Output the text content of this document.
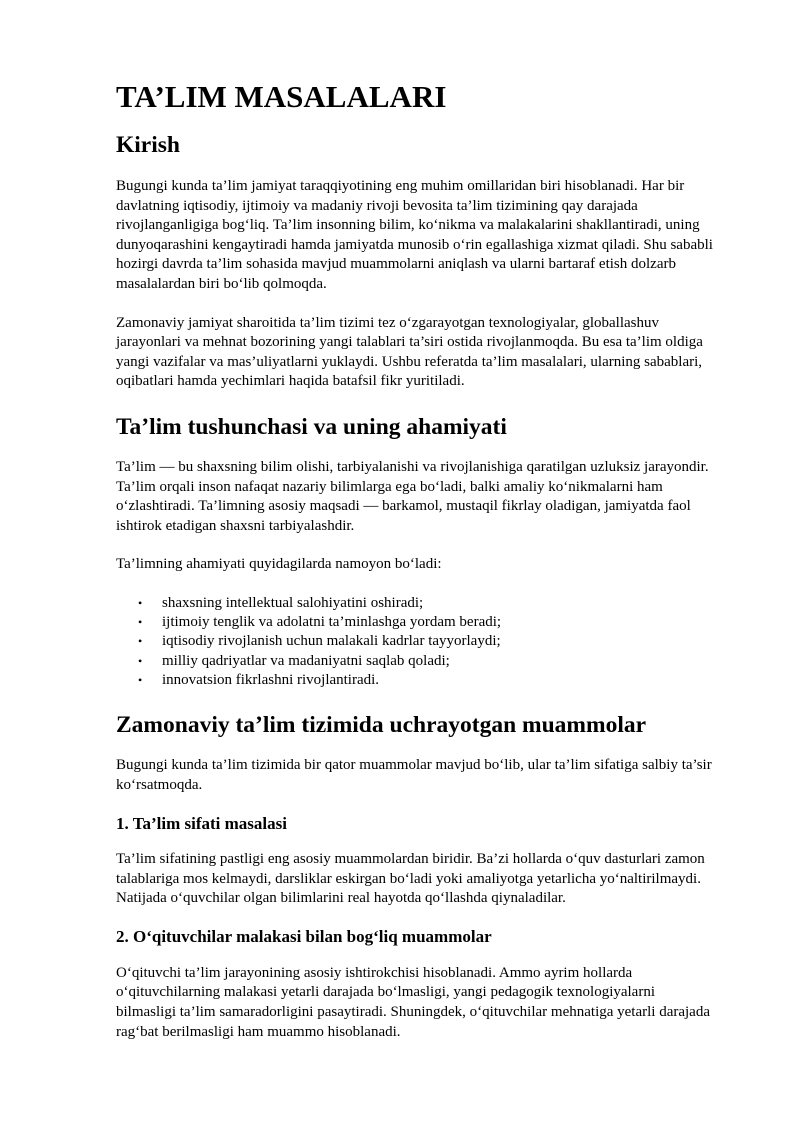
TA’LIM MASALALARI
Kirish

Bugungi kunda ta’lim jamiyat taraqqiyotining eng muhim omillaridan biri hisoblanadi. Har bir davlatning iqtisodiy, ijtimoiy va madaniy rivoji bevosita ta’lim tizimining qay darajada rivojlanganligiga bog‘liq. Ta’lim insonning bilim, ko‘nikma va malakalarini shakllantiradi, uning dunyoqarashini kengaytiradi hamda jamiyatda munosib o‘rin egallashiga xizmat qiladi. Shu sababli hozirgi davrda ta’lim sohasida mavjud muammolarni aniqlash va ularni bartaraf etish dolzarb masalalardan biri bo‘lib qolmoqda.

Zamonaviy jamiyat sharoitida ta’lim tizimi tez o‘zgarayotgan texnologiyalar, globallashuv jarayonlari va mehnat bozorining yangi talablari ta’siri ostida rivojlanmoqda. Bu esa ta’lim oldiga yangi vazifalar va mas’uliyatlarni yuklaydi. Ushbu referatda ta’lim masalalari, ularning sabablari, oqibatlari hamda yechimlari haqida batafsil fikr yuritiladi.

Ta’lim tushunchasi va uning ahamiyati

Ta’lim — bu shaxsning bilim olishi, tarbiyalanishi va rivojlanishiga qaratilgan uzluksiz jarayondir. Ta’lim orqali inson nafaqat nazariy bilimlarga ega bo‘ladi, balki amaliy ko‘nikmalarni ham o‘zlashtiradi. Ta’limning asosiy maqsadi — barkamol, mustaqil fikrlay oladigan, jamiyatda faol ishtirok etadigan shaxsni tarbiyalashdir.

Ta’limning ahamiyati quyidagilarda namoyon bo‘ladi:

• shaxsning intellektual salohiyatini oshiradi;
• ijtimoiy tenglik va adolatni ta’minlashga yordam beradi;
• iqtisodiy rivojlanish uchun malakali kadrlar tayyorlaydi;
• milliy qadriyatlar va madaniyatni saqlab qoladi;
• innovatsion fikrlashni rivojlantiradi.
Zamonaviy ta’lim tizimida uchrayotgan muammolar

Bugungi kunda ta’lim tizimida bir qator muammolar mavjud bo‘lib, ular ta’lim sifatiga salbiy ta’sir ko‘rsatmoqda.

1. Ta’lim sifati masalasi

Ta’lim sifatining pastligi eng asosiy muammolardan biridir. Ba’zi hollarda o‘quv dasturlari zamon talablariga mos kelmaydi, darsliklar eskirgan bo‘ladi yoki amaliyotga yetarlicha yo‘naltirilmaydi. Natijada o‘quvchilar olgan bilimlarini real hayotda qo‘llashda qiynaladilar.

2. O‘qituvchilar malakasi bilan bog‘liq muammolar

O‘qituvchi ta’lim jarayonining asosiy ishtirokchisi hisoblanadi. Ammo ayrim hollarda o‘qituvchilarning malakasi yetarli darajada bo‘lmasligi, yangi pedagogik texnologiyalarni bilmasligi ta’lim samaradorligini pasaytiradi. Shuningdek, o‘qituvchilar mehnatiga yetarli darajada rag‘bat berilmasligi ham muammo hisoblanadi.
